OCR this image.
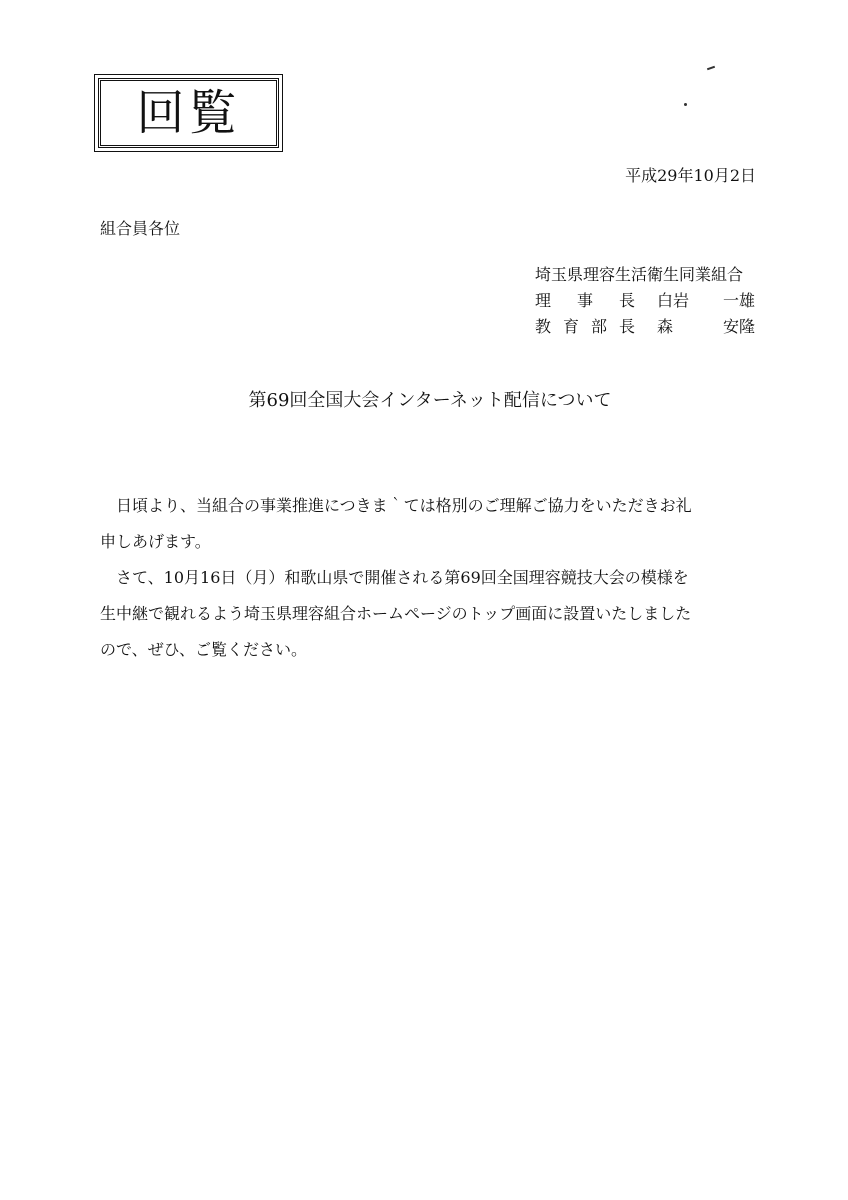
回覧
平成29年10月2日
組合員各位
埼玉県理容生活衛生同業組合
理 事 長 白岩 一雄
教 育 部 長 森	安隆
第69回全国大会インターネット配信について

　日頃より、当組合の事業推進につきま｀ては格別のご理解ご協力をいただきお礼

申しあげます。

　さて、10月16日（月）和歌山県で開催される第69回全国理容競技大会の模様を

生中継で観れるよう埼玉県理容組合ホームページのトップ画面に設置いたしました

ので、ぜひ、ご覧ください。
